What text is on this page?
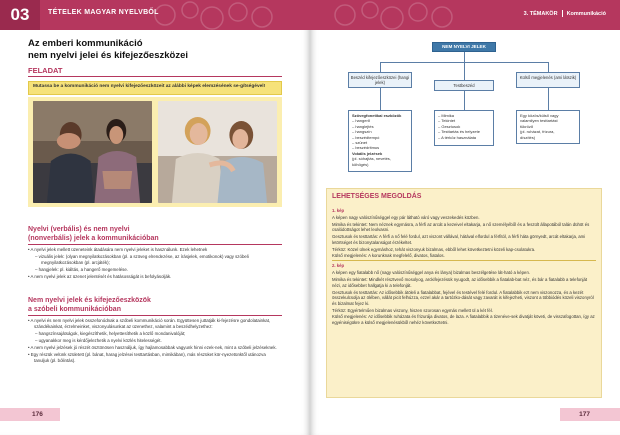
03	TÉTELEK MAGYAR NYELVBŐL
Az emberi kommunikáció
nem nyelvi jelei és kifejezőeszközei
FELADAT
Mutassa be a kommunikáció nem nyelvi kifejezőeszközeit az alábbi képek elemzésének se-gítségével!
Nyelvi (verbális) és nem nyelvi
(nonverbális) jelek a kommunikációban

• A nyelvi jelek mellett üzeneteink átadására nem nyelvi jeleket is használunk. Ezek lehetnek

– vizuális jelek: (olyan megnyilatkozásokban (pl. a szöveg elrendezése, az írásjelek, emotikonok) vagy szóbeli megnyilatkozásokban (pl. arcjáték);

– hangjelek: pl. kiáltás, a hangerő megemelése.

• A nem nyelvi jelek az üzenet jelentését és hatásosságát is befolyásolják.

Nem nyelvi jelek és kifejezőeszközök
a szóbeli kommunikációban

• A nyelvi és nem nyelvi jelek összefonódnak a szóbeli kommunikáció során. Együttesen juttatják ki-fejezésre gondolatainkat, szándékainkat, érzelmeinket, viszonyulásunkat az üzenethez, valamint a beszédhelyzethez:

– hangszínsajátságok, kiegészíthetik, helyettesíthetik a közlő mondanivalóját;

– ugyanakkor meg is kérdőjelezhetik a nyelvi közlés hitelességét.

• A nem nyelvi jelzések jó részét ösztönösen használjuk, így hajlamosabbak vagyunk hinni ezek-nek, mint a szóbeli jelzéseknek.

• Egy részük velünk született (pl. bánat, harag jelzései testtartásban, mimikában), más részüket kör-nyezetünktől utánozva tanuljuk (pl. bólintás).

176
3. TÉMAKÖR Kommunikáció
NEM NYELVI JELEK
Beszéd kifejezőeszközei (hangi jelek)
Testbeszéd
Külső megjelenés (ami látszik)
Szövegfonetikai eszközök
– hangerő
– hanglejtés
– hangszín
– beszédtempó
– szünet
– beszédritmus
Vokális jelzések
(pl. sóhajtás, nevetés, köhögés)
– Mimika
– Tekintet
– Gesztusok
– Testtartás és helyzete
– A térköz használata
Egy közös/külső vagy
valamilyen testtartást
tükröző
(pl. ruházat, frizura,
díszítés)
LEHETSÉGES MEGOLDÁS

1. kép

A képen nagy valószínűséggel egy pár látható váró vagy veszekedés közben.

Mimika és tekintet: Nem néznek egymásra, a férfi az arcát a kezeivel eltakarja, a nő személyéből és a feszült állapotából talán dühöt és csalódottságot lehet leolvasni.

Gesztusok és testtartás: A férfi a nő felé fordul, azt viszont vállával, hátával elfordul a férfitól, a férfi háta görnyedt, arcát eltakarja, ami letörtséget és bizonytalanságot érzékeltet.

Térköz: Közel ülnek egymáshoz, tehát viszonyuk bizalmas, ebből lehet következtetni közeli kap-csolatukra.

Külső megjelenés: A korunknak megfelelő, divatos, fiatalos.

2. kép

A képen egy fiatalabb nő (nagy valószínűséggel anya és lánya) bizalmas beszélgetése lát-ható a képen.

Mimika és tekintet: Mindkét résztvevő mosolyog, arckifejezésük nyugodt, az idősebbik a fiatalab-bat néz, és bár a fiatalabb a telefonját nézi, az idősebbet hallgatja ki a telefonját.

Gesztusok és testtartás: Az idősebbik átöleli a fiatalabbat, fejével és testével felé fordul. A fiatalabbik ezt nem viszonozza, és a kezét összekulcsolja az ölében, vállát picit felhúzza, ezzel akár a tartózko-dását vagy zavarát is kifejezheti, viszont a többiódés közeli viszonyról és bizalmat fejez ki.

Térköz: Egyértelműen bizalmas viszony, hiszen szorosan egymás mellett ül a két fél.

Külső megjelenés: Az idősebbik ruházata és frizurája divatos, de laza. A fiatalabbik a tizenéve-sek divatját követi, de visszafogottan, így az egyéniségükre a külső megjelenésükből nehéz következtetni.

177
